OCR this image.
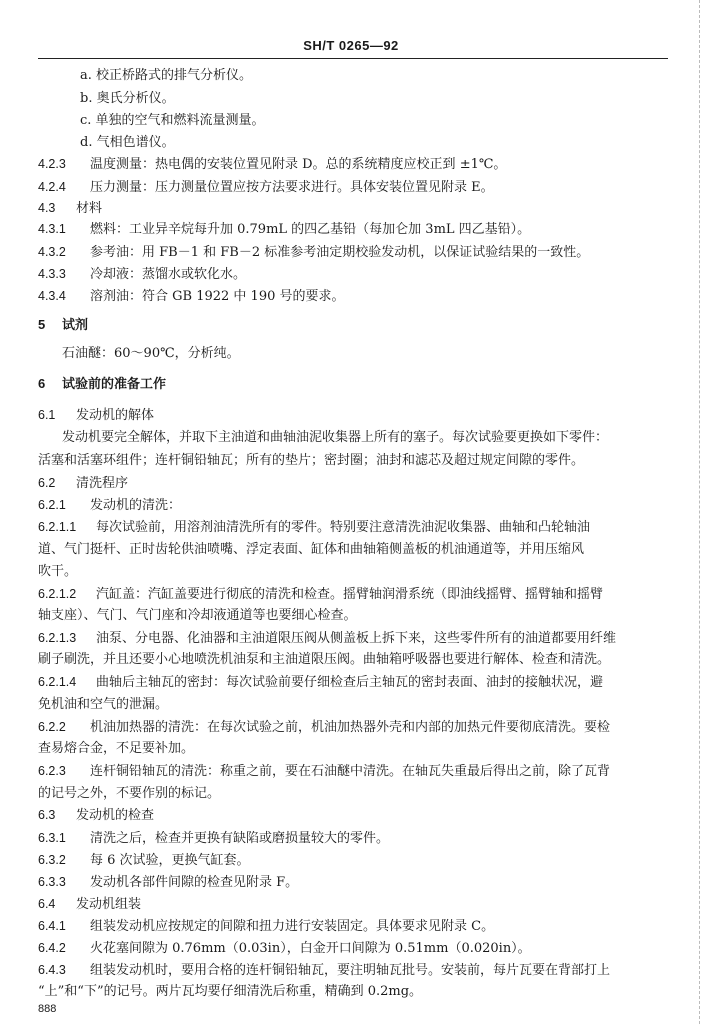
SH/T 0265—92
a. 校正桥路式的排气分析仪。
b. 奥氏分析仪。
c. 单独的空气和燃料流量测量。
d. 气相色谱仪。
4.2.3 温度测量：热电偶的安装位置见附录 D。总的系统精度应校正到 ±1℃。
4.2.4 压力测量：压力测量位置应按方法要求进行。具体安装位置见附录 E。
4.3 材料
4.3.1 燃料：工业异辛烷每升加 0.79mL 的四乙基铅（每加仑加 3mL 四乙基铅）。
4.3.2 参考油：用 FB－1 和 FB－2 标准参考油定期校验发动机，以保证试验结果的一致性。
4.3.3 冷却液：蒸馏水或软化水。
4.3.4 溶剂油：符合 GB 1922 中 190 号的要求。
5 试剂
石油醚：60～90℃，分析纯。
6 试验前的准备工作
6.1 发动机的解体
发动机要完全解体，并取下主油道和曲轴油泥收集器上所有的塞子。每次试验要更换如下零件：
活塞和活塞环组件；连杆铜铅轴瓦；所有的垫片；密封圈；油封和滤芯及超过规定间隙的零件。
6.2 清洗程序
6.2.1 发动机的清洗：
6.2.1.1 每次试验前，用溶剂油清洗所有的零件。特别要注意清洗油泥收集器、曲轴和凸轮轴油
道、气门挺杆、正时齿轮供油喷嘴、浮定表面、缸体和曲轴箱侧盖板的机油通道等，并用压缩风
吹干。
6.2.1.2 汽缸盖：汽缸盖要进行彻底的清洗和检查。摇臂轴润滑系统（即油线摇臂、摇臂轴和摇臂
轴支座）、气门、气门座和冷却液通道等也要细心检查。
6.2.1.3 油泵、分电器、化油器和主油道限压阀从侧盖板上拆下来，这些零件所有的油道都要用纤维
刷子刷洗，并且还要小心地喷洗机油泵和主油道限压阀。曲轴箱呼吸器也要进行解体、检查和清洗。
6.2.1.4 曲轴后主轴瓦的密封：每次试验前要仔细检查后主轴瓦的密封表面、油封的接触状况，避
免机油和空气的泄漏。
6.2.2 机油加热器的清洗：在每次试验之前，机油加热器外壳和内部的加热元件要彻底清洗。要检
查易熔合金，不足要补加。
6.2.3 连杆铜铅轴瓦的清洗：称重之前，要在石油醚中清洗。在轴瓦失重最后得出之前，除了瓦背
的记号之外，不要作别的标记。
6.3 发动机的检查
6.3.1 清洗之后，检查并更换有缺陷或磨损量较大的零件。
6.3.2 每 6 次试验，更换气缸套。
6.3.3 发动机各部件间隙的检查见附录 F。
6.4 发动机组装
6.4.1 组装发动机应按规定的间隙和扭力进行安装固定。具体要求见附录 C。
6.4.2 火花塞间隙为 0.76mm（0.03in），白金开口间隙为 0.51mm（0.020in）。
6.4.3 组装发动机时，要用合格的连杆铜铅轴瓦，要注明轴瓦批号。安装前，每片瓦要在背部打上
“上”和“下”的记号。两片瓦均要仔细清洗后称重，精确到 0.2mg。
888
